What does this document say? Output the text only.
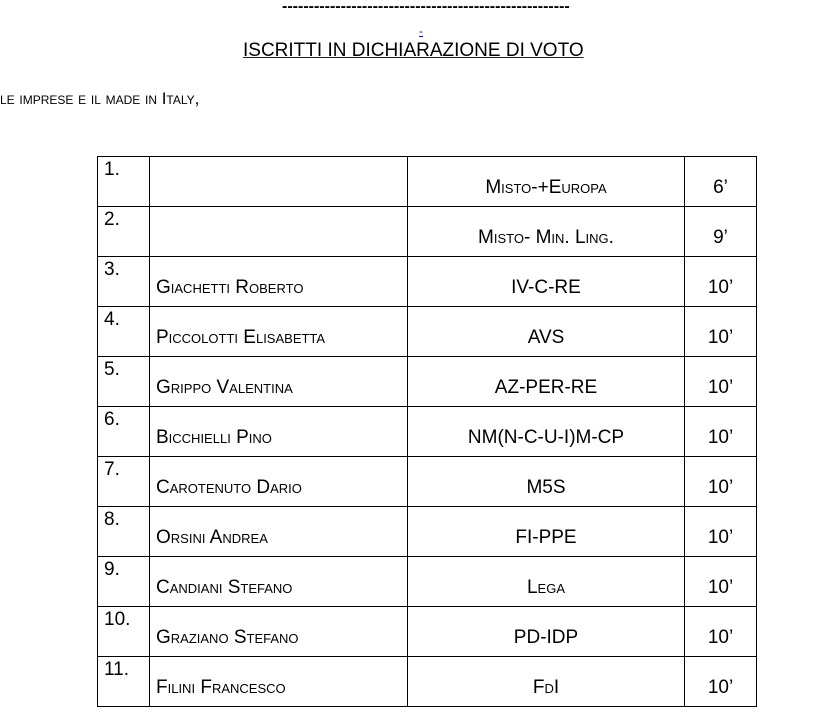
------------------------------------------------------
-
ISCRITTI IN DICHIARAZIONE DI VOTO
le imprese e il made in Italy,
1.		Misto-+Europa	6’
2.		Misto- Min. Ling.	9’
3.	Giachetti Roberto	IV-C-RE	10’
4.	Piccolotti Elisabetta	AVS	10’
5.	Grippo Valentina	AZ-PER-RE	10’
6.	Bicchielli Pino	NM(N-C-U-I)M-CP	10’
7.	Carotenuto Dario	M5S	10’
8.	Orsini Andrea	FI-PPE	10’
9.	Candiani Stefano	Lega	10’
10.	Graziano Stefano	PD-IDP	10’
11.	Filini Francesco	FdI	10’
